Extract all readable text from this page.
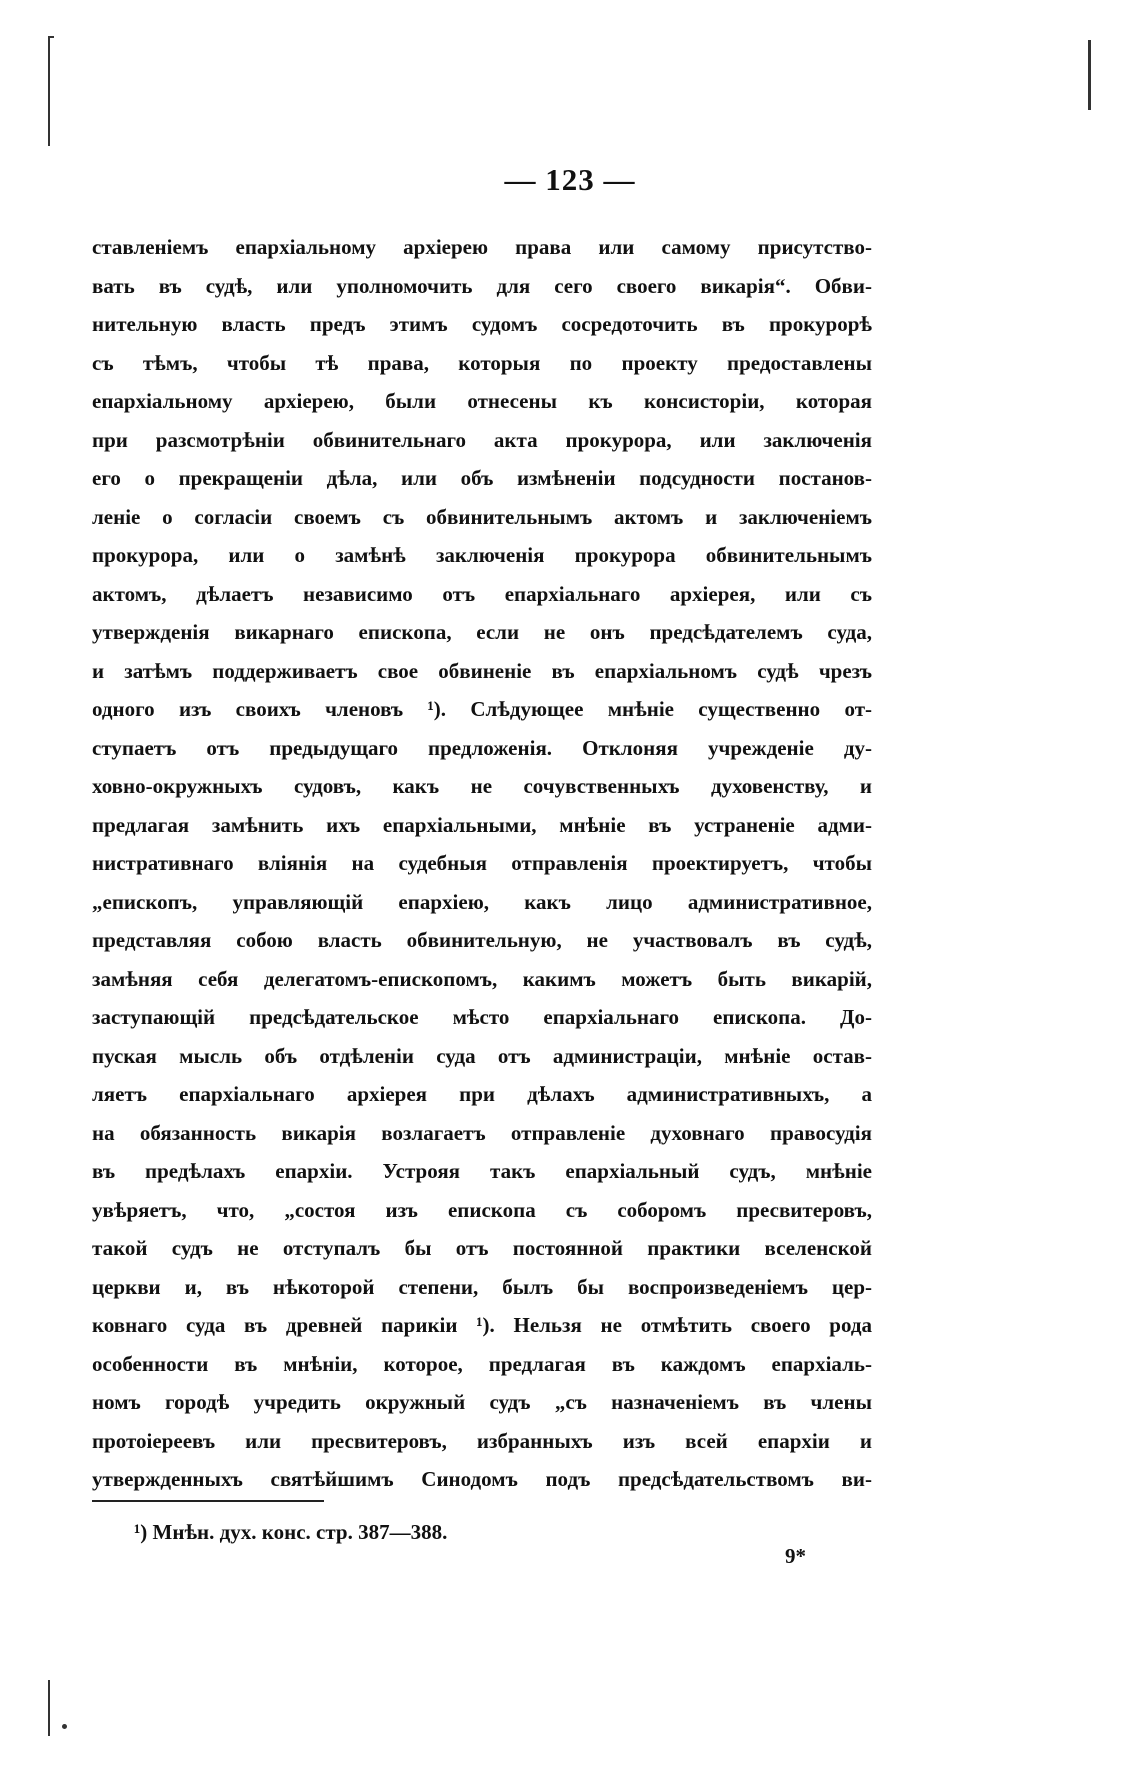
— 123 —
ставленіемъ епархіальному архіерею права или самому присутство-
вать въ судѣ, или уполномочить для сего своего викарія“. Обви-
нительную власть предъ этимъ судомъ сосредоточить въ прокурорѣ
съ тѣмъ, чтобы тѣ права, которыя по проекту предоставлены
епархіальному архіерею, были отнесены къ консисторіи, которая
при разсмотрѣніи обвинительнаго акта прокурора, или заключенія
его о прекращеніи дѣла, или объ измѣненіи подсудности постанов-
леніе о согласіи своемъ съ обвинительнымъ актомъ и заключеніемъ
прокурора, или о замѣнѣ заключенія прокурора обвинительнымъ
актомъ, дѣлаетъ независимо отъ епархіальнаго архіерея, или съ
утвержденія викарнаго епископа, если не онъ предсѣдателемъ суда,
и затѣмъ поддерживаетъ свое обвиненіе въ епархіальномъ судѣ чрезъ
одного изъ своихъ членовъ ¹). Слѣдующее мнѣніе существенно от-
ступаетъ отъ предыдущаго предложенія. Отклоняя учрежденіе ду-
ховно-окружныхъ судовъ, какъ не сочувственныхъ духовенству, и
предлагая замѣнить ихъ епархіальными, мнѣніе въ устраненіе адми-
нистративнаго вліянія на судебныя отправленія проектируетъ, чтобы
„епископъ, управляющій епархіею, какъ лицо административное,
представляя собою власть обвинительную, не участвовалъ въ судѣ,
замѣняя себя делегатомъ-епископомъ, какимъ можетъ быть викарій,
заступающій предсѣдательское мѣсто епархіальнаго епископа. До-
пуская мысль объ отдѣленіи суда отъ администраціи, мнѣніе остав-
ляетъ епархіальнаго архіерея при дѣлахъ административныхъ, а
на обязанность викарія возлагаетъ отправленіе духовнаго правосудія
въ предѣлахъ епархіи. Устрояя такъ епархіальный судъ, мнѣніе
увѣряетъ, что, „состоя изъ епископа съ соборомъ пресвитеровъ,
такой судъ не отступалъ бы отъ постоянной практики вселенской
церкви и, въ нѣкоторой степени, былъ бы воспроизведеніемъ цер-
ковнаго суда въ древней парикіи ¹). Нельзя не отмѣтить своего рода
особенности въ мнѣніи, которое, предлагая въ каждомъ епархіаль-
номъ городѣ учредить окружный судъ „съ назначеніемъ въ члены
протоіереевъ или пресвитеровъ, избранныхъ изъ всей епархіи и
утвержденныхъ святѣйшимъ Синодомъ подъ предсѣдательствомъ ви-
¹) Мнѣн. дух. конс. стр. 387—388.
9*
